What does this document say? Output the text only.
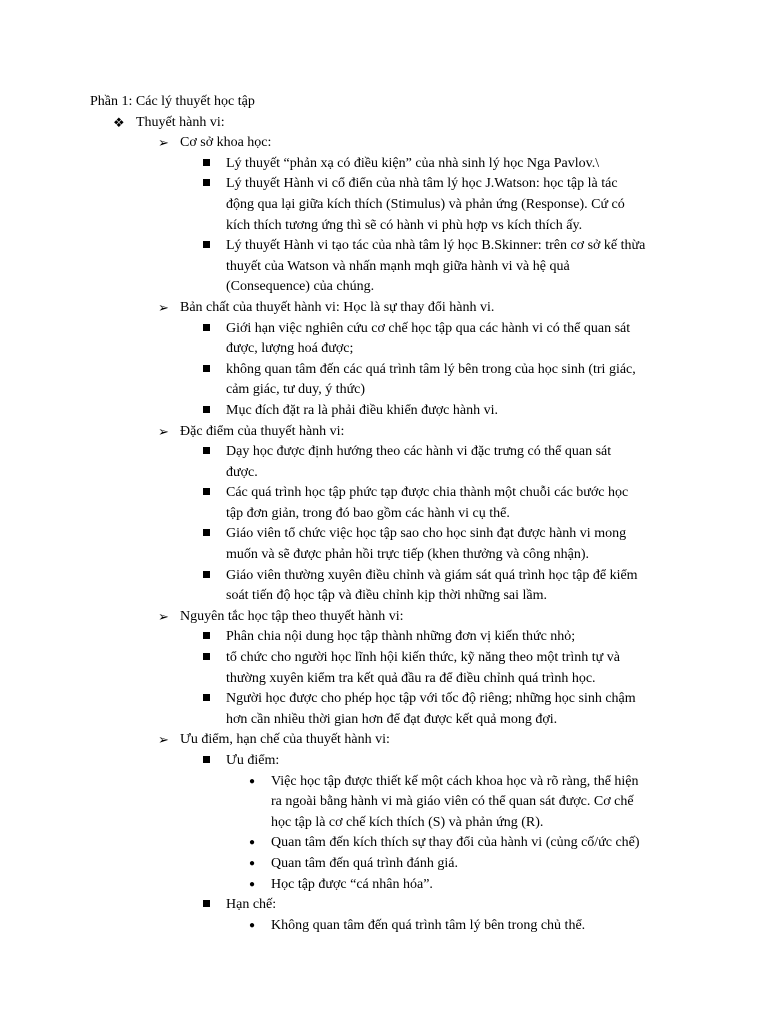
Phần 1: Các lý thuyết học tập
❖ Thuyết hành vi:
➢ Cơ sở khoa học:
Lý thuyết “phản xạ có điều kiện” của nhà sinh lý học Nga Pavlov.\
Lý thuyết Hành vi cổ điển của nhà tâm lý học J.Watson: học tập là tác
động qua lại giữa kích thích (Stimulus) và phản ứng (Response). Cứ có
kích thích tương ứng thì sẽ có hành vi phù hợp vs kích thích ấy.
Lý thuyết Hành vi tạo tác của nhà tâm lý học B.Skinner: trên cơ sở kế thừa
thuyết của Watson và nhấn mạnh mqh giữa hành vi và hệ quả
(Consequence) của chúng.
➢ Bản chất của thuyết hành vi: Học là sự thay đổi hành vi.
Giới hạn việc nghiên cứu cơ chế học tập qua các hành vi có thể quan sát
được, lượng hoá được;
không quan tâm đến các quá trình tâm lý bên trong của học sinh (tri giác,
cảm giác, tư duy, ý thức)
Mục đích đặt ra là phải điều khiển được hành vi.
➢ Đặc điểm của thuyết hành vi:
Dạy học được định hướng theo các hành vi đặc trưng có thể quan sát
được.
Các quá trình học tập phức tạp được chia thành một chuỗi các bước học
tập đơn giản, trong đó bao gồm các hành vi cụ thể.
Giáo viên tổ chức việc học tập sao cho học sinh đạt được hành vi mong
muốn và sẽ được phản hồi trực tiếp (khen thưởng và công nhận).
Giáo viên thường xuyên điều chỉnh và giám sát quá trình học tập để kiểm
soát tiến độ học tập và điều chỉnh kịp thời những sai lầm.
➢ Nguyên tắc học tập theo thuyết hành vi:
Phân chia nội dung học tập thành những đơn vị kiến thức nhỏ;
tổ chức cho người học lĩnh hội kiến thức, kỹ năng theo một trình tự và
thường xuyên kiểm tra kết quả đầu ra để điều chỉnh quá trình học.
Người học được cho phép học tập với tốc độ riêng; những học sinh chậm
hơn cần nhiều thời gian hơn để đạt được kết quả mong đợi.
➢ Ưu điểm, hạn chế của thuyết hành vi:
Ưu điểm:
● Việc học tập được thiết kế một cách khoa học và rõ ràng, thể hiện
ra ngoài bằng hành vi mà giáo viên có thể quan sát được. Cơ chế
học tập là cơ chế kích thích (S) và phản ứng (R).
● Quan tâm đến kích thích sự thay đổi của hành vi (củng cố/ức chế)
● Quan tâm đến quá trình đánh giá.
● Học tập được “cá nhân hóa”.
Hạn chế:
● Không quan tâm đến quá trình tâm lý bên trong chủ thể.
